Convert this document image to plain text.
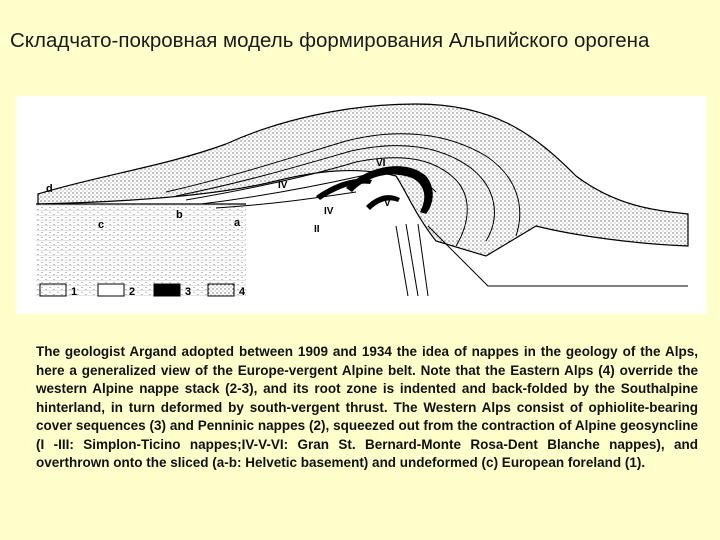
Складчато-покровная модель формирования Альпийского орогена
d
c
b
a
IV
IV
V
VI
II
1	2	3	4
The geologist Argand adopted between 1909 and 1934 the idea of nappes in the geology of the Alps, here a generalized view of the Europe-vergent Alpine belt. Note that the Eastern Alps (4) override the western Alpine nappe stack (2-3), and its root zone is indented and back-folded by the Southalpine hinterland, in turn deformed by south-vergent thrust. The Western Alps consist of ophiolite-bearing cover sequences (3) and Penninic nappes (2), squeezed out from the contraction of Alpine geosyncline (I -III: Simplon-Ticino nappes;IV-V-VI: Gran St. Bernard-Monte Rosa-Dent Blanche nappes), and overthrown onto the sliced (a-b: Helvetic basement) and undeformed (c) European foreland (1).
